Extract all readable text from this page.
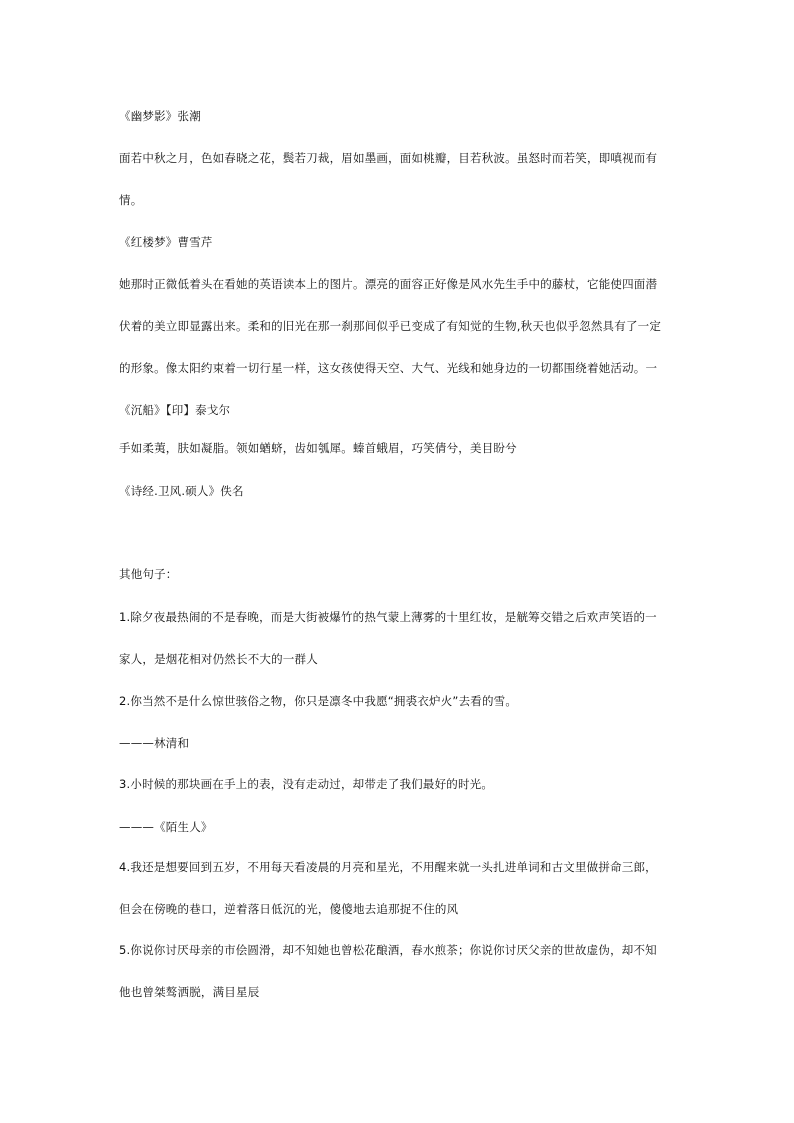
《幽梦影》张潮
面若中秋之月，色如春晓之花，鬓若刀裁，眉如墨画，面如桃瓣，目若秋波。虽怒时而若笑，即嗔视而有
情。
《红楼梦》曹雪芹
她那时正微低着头在看她的英语读本上的图片。漂亮的面容正好像是风水先生手中的藤杖，它能使四面潜
伏着的美立即显露出来。柔和的旧光在那一刹那间似乎已变成了有知觉的生物,秋天也似乎忽然具有了一定
的形象。像太阳约束着一切行星一样，这女孩使得天空、大气、光线和她身边的一切都围绕着她活动。一
《沉船》【印】泰戈尔
手如柔荑，肤如凝脂。领如蝤蛴，齿如瓠犀。螓首蛾眉，巧笑倩兮，美目盼兮
《诗经.卫风.硕人》佚名
其他句子：
1.除夕夜最热闹的不是春晚，而是大街被爆竹的热气蒙上薄雾的十里红妆，是觥筹交错之后欢声笑语的一
家人，是烟花相对仍然长不大的一群人
2.你当然不是什么惊世骇俗之物，你只是凛冬中我愿“拥裘衣炉火”去看的雪。
———林清和
3.小时候的那块画在手上的表，没有走动过，却带走了我们最好的时光。
———《陌生人》
4.我还是想要回到五岁，不用每天看凌晨的月亮和星光，不用醒来就一头扎进单词和古文里做拼命三郎，
但会在傍晚的巷口，逆着落日低沉的光，傻傻地去追那捉不住的风
5.你说你讨厌母亲的市侩圆滑，却不知她也曾松花酿酒，春水煎茶；你说你讨厌父亲的世故虚伪，却不知
他也曾桀骜洒脱，满目星辰
